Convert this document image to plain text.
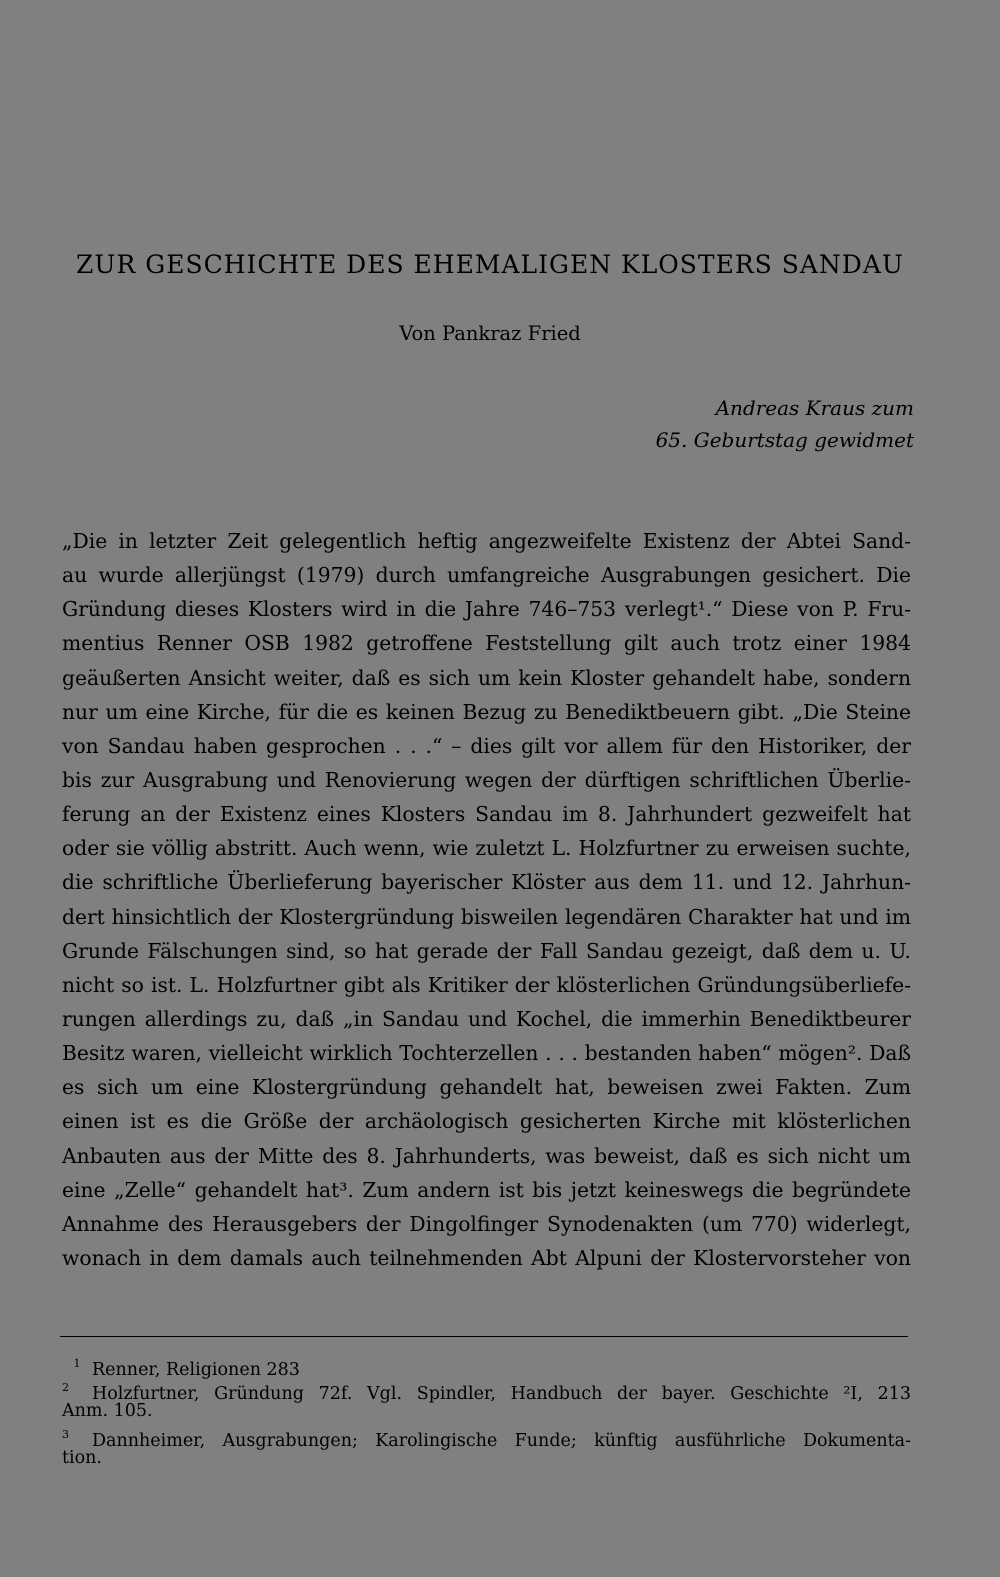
ZUR GESCHICHTE DES EHEMALIGEN KLOSTERS SANDAU
Von Pankraz Fried
Andreas Kraus zum
65. Geburtstag gewidmet
„Die in letzter Zeit gelegentlich heftig angezweifelte Existenz der Abtei Sand-
au wurde allerjüngst (1979) durch umfangreiche Ausgrabungen gesichert. Die
Gründung dieses Klosters wird in die Jahre 746–753 verlegt¹.“ Diese von P. Fru-
mentius Renner OSB 1982 getroffene Feststellung gilt auch trotz einer 1984
geäußerten Ansicht weiter, daß es sich um kein Kloster gehandelt habe, sondern
nur um eine Kirche, für die es keinen Bezug zu Benediktbeuern gibt. „Die Steine
von Sandau haben gesprochen . . .“ – dies gilt vor allem für den Historiker, der
bis zur Ausgrabung und Renovierung wegen der dürftigen schriftlichen Überlie-
ferung an der Existenz eines Klosters Sandau im 8. Jahrhundert gezweifelt hat
oder sie völlig abstritt. Auch wenn, wie zuletzt L. Holzfurtner zu erweisen suchte,
die schriftliche Überlieferung bayerischer Klöster aus dem 11. und 12. Jahrhun-
dert hinsichtlich der Klostergründung bisweilen legendären Charakter hat und im
Grunde Fälschungen sind, so hat gerade der Fall Sandau gezeigt, daß dem u. U.
nicht so ist. L. Holzfurtner gibt als Kritiker der klösterlichen Gründungsüberliefe-
rungen allerdings zu, daß „in Sandau und Kochel, die immerhin Benediktbeurer
Besitz waren, vielleicht wirklich Tochterzellen . . . bestanden haben“ mögen². Daß
es sich um eine Klostergründung gehandelt hat, beweisen zwei Fakten. Zum
einen ist es die Größe der archäologisch gesicherten Kirche mit klösterlichen
Anbauten aus der Mitte des 8. Jahrhunderts, was beweist, daß es sich nicht um
eine „Zelle“ gehandelt hat³. Zum andern ist bis jetzt keineswegs die begründete
Annahme des Herausgebers der Dingolfinger Synodenakten (um 770) widerlegt,
wonach in dem damals auch teilnehmenden Abt Alpuni der Klostervorsteher von
1 Renner, Religionen 283
2 Holzfurtner, Gründung 72f. Vgl. Spindler, Handbuch der bayer. Geschichte ²I, 213
Anm. 105.
3 Dannheimer, Ausgrabungen; Karolingische Funde; künftig ausführliche Dokumenta-
tion.
